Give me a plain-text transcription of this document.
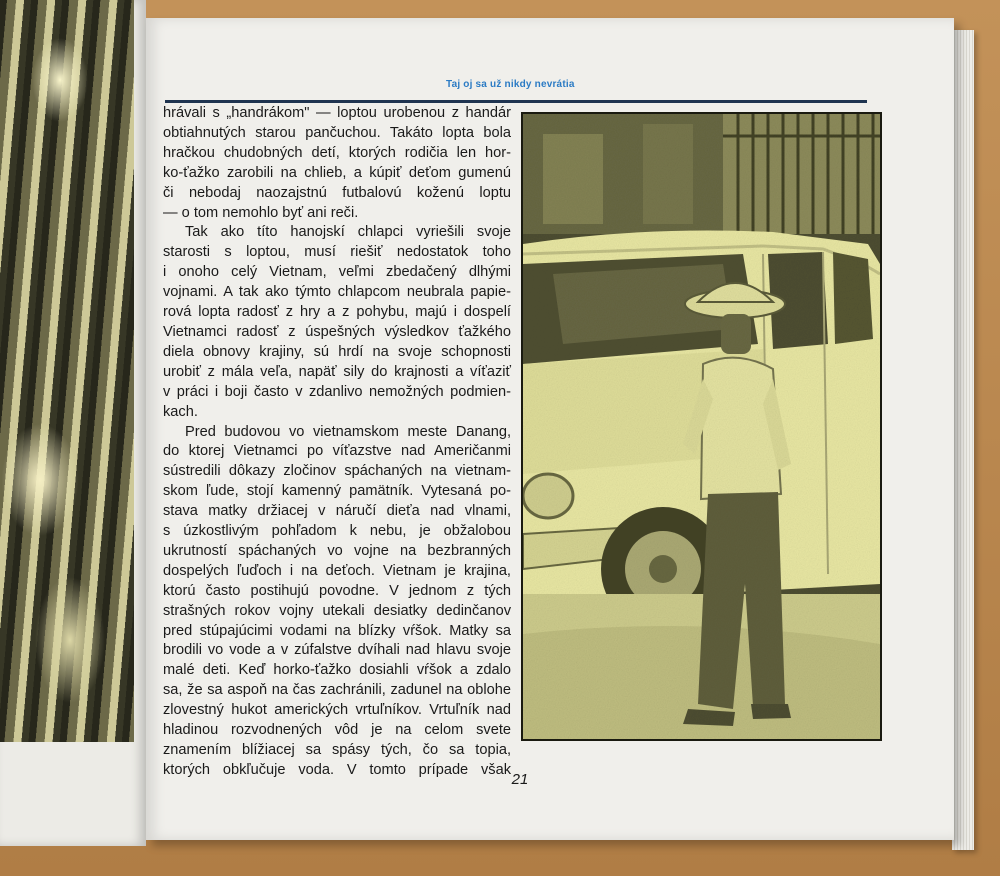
Taj oj sa už nikdy nevrátia

hrávali s „handrákom" — loptou urobenou z handár
obtiahnutých starou pančuchou. Takáto lopta bola
hračkou chudobných detí, ktorých rodičia len hor-
ko-ťažko zarobili na chlieb, a kúpiť deťom gumenú
či nebodaj naozajstnú futbalovú koženú loptu
— o tom nemohlo byť ani reči.

Tak ako títo hanojskí chlapci vyriešili svoje
starosti s loptou, musí riešiť nedostatok toho
i onoho celý Vietnam, veľmi zbedačený dlhými
vojnami. A tak ako týmto chlapcom neubrala papie-
rová lopta radosť z hry a z pohybu, majú i dospelí
Vietnamci radosť z úspešných výsledkov ťažkého
diela obnovy krajiny, sú hrdí na svoje schopnosti
urobiť z mála veľa, napäť sily do krajnosti a víťaziť
v práci i boji často v zdanlivo nemožných podmien-
kach.

Pred budovou vo vietnamskom meste Danang,
do ktorej Vietnamci po víťazstve nad Američanmi
sústredili dôkazy zločinov spáchaných na vietnam-
skom ľude, stojí kamenný pamätník. Vytesaná po-
stava matky držiacej v náručí dieťa nad vlnami,
s úzkostlivým pohľadom k nebu, je obžalobou
ukrutností spáchaných vo vojne na bezbranných
dospelých ľuďoch i na deťoch. Vietnam je krajina,
ktorú často postihujú povodne. V jednom z tých
strašných rokov vojny utekali desiatky dedinčanov
pred stúpajúcimi vodami na blízky vŕšok. Matky sa
brodili vo vode a v zúfalstve dvíhali nad hlavu svoje
malé deti. Keď horko-ťažko dosiahli vŕšok a zdalo
sa, že sa aspoň na čas zachránili, zadunel na oblohe
zlovestný hukot amerických vrtuľníkov. Vrtuľník nad
hladinou rozvodnených vôd je na celom svete
znamením blížiacej sa spásy tých, čo sa topia,
ktorých obkľučuje voda. V tomto prípade však

21
